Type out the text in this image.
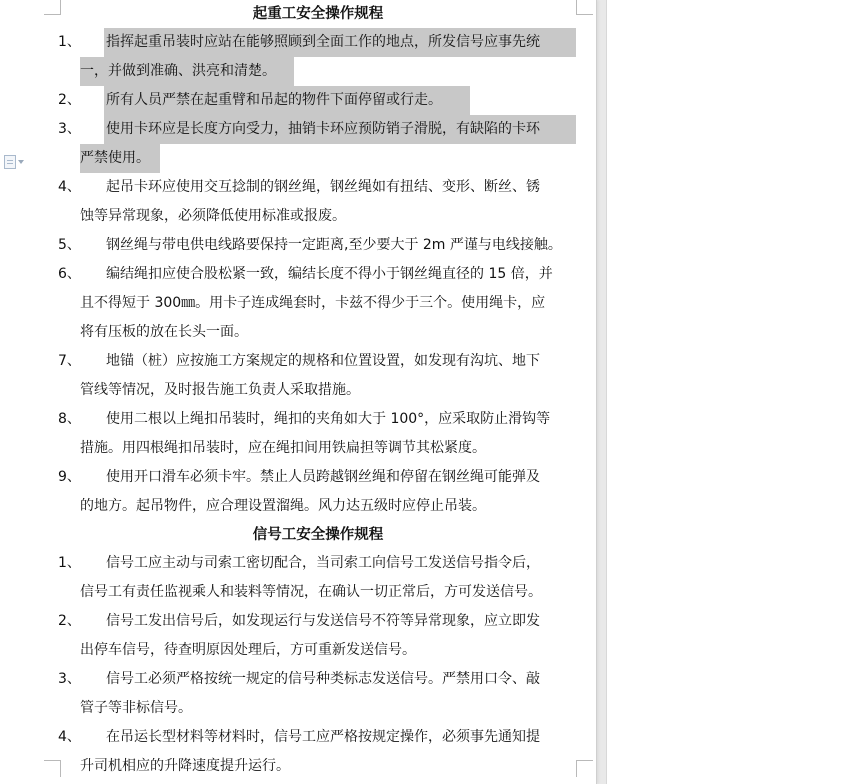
起重工安全操作规程
1、 指挥起重吊装时应站在能够照顾到全面工作的地点，所发信号应事先统
一，并做到准确、洪亮和清楚。
2、 所有人员严禁在起重臂和吊起的物件下面停留或行走。
3、 使用卡环应是长度方向受力，抽销卡环应预防销子滑脱，有缺陷的卡环
严禁使用。
4、 起吊卡环应使用交互捻制的钢丝绳，钢丝绳如有扭结、变形、断丝、锈
蚀等异常现象，必须降低使用标准或报废。
5、 钢丝绳与带电供电线路要保持一定距离,至少要大于 2m 严谨与电线接触。
6、 编结绳扣应使合股松紧一致，编结长度不得小于钢丝绳直径的 15 倍，并
且不得短于 300㎜。用卡子连成绳套时，卡兹不得少于三个。使用绳卡，应
将有压板的放在长头一面。
7、 地锚（桩）应按施工方案规定的规格和位置设置，如发现有沟坑、地下
管线等情况，及时报告施工负责人采取措施。
8、 使用二根以上绳扣吊装时，绳扣的夹角如大于 100°，应采取防止滑钩等
措施。用四根绳扣吊装时，应在绳扣间用铁扁担等调节其松紧度。
9、 使用开口滑车必须卡牢。禁止人员跨越钢丝绳和停留在钢丝绳可能弹及
的地方。起吊物件，应合理设置溜绳。风力达五级时应停止吊装。
信号工安全操作规程
1、 信号工应主动与司索工密切配合，当司索工向信号工发送信号指令后，
信号工有责任监视乘人和装料等情况，在确认一切正常后，方可发送信号。
2、 信号工发出信号后，如发现运行与发送信号不符等异常现象，应立即发
出停车信号，待查明原因处理后，方可重新发送信号。
3、 信号工必须严格按统一规定的信号种类标志发送信号。严禁用口令、敲
管子等非标信号。
4、 在吊运长型材料等材料时，信号工应严格按规定操作，必须事先通知提
升司机相应的升降速度提升运行。
